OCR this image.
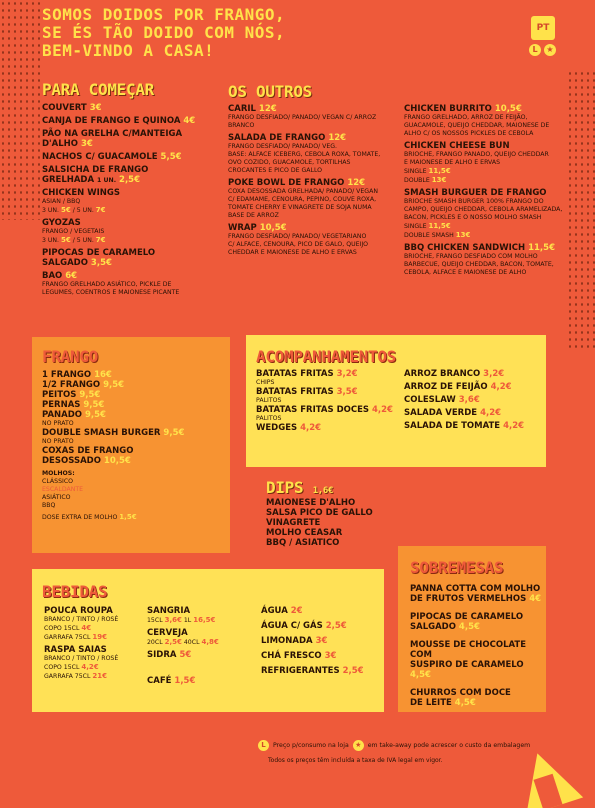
SOMOS DOIDOS POR FRANGO,
SE ÉS TÃO DOIDO COM NÓS,
BEM-VINDO A CASA!
PT
L	★
PARA COMEÇAR
COUVERT 3€
CANJA DE FRANGO E QUINOA 4€
PÃO NA GRELHA C/MANTEIGA
D'ALHO 3€
NACHOS C/ GUACAMOLE 5,5€
SALSICHA DE FRANGO
GRELHADA 1 UN. 2,5€
CHICKEN WINGS
ASIAN / BBQ
3 UN. 5€ / 5 UN. 7€
GYOZAS
FRANGO / VEGETAIS
3 UN. 5€ / 5 UN. 7€
PIPOCAS DE CARAMELO
SALGADO 3,5€
BAO 6€
FRANGO GRELHADO ASIÁTICO, PICKLE DE
LEGUMES, COENTROS E MAIONESE PICANTE
OS OUTROS
CARIL 12€
FRANGO DESFIADO/ PANADO/ VEGAN C/ ARROZ
BRANCO
SALADA DE FRANGO 12€
FRANGO DESFIADO/ PANADO/ VEG.
BASE: ALFACE ICEBERG, CEBOLA ROXA, TOMATE,
OVO COZIDO, GUACAMOLE, TORTILHAS
CROCANTES E PICO DE GALLO
POKE BOWL DE FRANGO 12€
COXA DESOSSADA GRELHADA/ PANADO/ VEGAN
C/ EDAMAME, CENOURA, PEPINO, COUVE ROXA,
TOMATE CHERRY E VINAGRETE DE SOJA NUMA
BASE DE ARROZ
WRAP 10,5€
FRANGO DESFIADO/ PANADO/ VEGETARIANO
C/ ALFACE, CENOURA, PICO DE GALO, QUEIJO
CHEDDAR E MAIONESE DE ALHO E ERVAS
CHICKEN BURRITO 10,5€
FRANGO GRELHADO, ARROZ DE FEIJÃO,
GUACAMOLE, QUEIJO CHEDDAR, MAIONESE DE
ALHO C/ OS NOSSOS PICKLES DE CEBOLA
CHICKEN CHEESE BUN
BRIOCHE, FRANGO PANADO, QUEIJO CHEDDAR
E MAIONESE DE ALHO E ERVAS
SINGLE 11,5€
DOUBLE 13€
SMASH BURGUER DE FRANGO
BRIOCHE SMASH BURGER 100% FRANGO DO
CAMPO, QUEIJO CHEDDAR, CEBOLA ARAMELIZADA,
BACON, PICKLES E O NOSSO MOLHO SMASH
SINGLE 11,5€
DOUBLE SMASH 13€
BBQ CHICKEN SANDWICH 11,5€
BRIOCHE, FRANGO DESFIADO COM MOLHO
BARBECUE, QUEIJO CHEDDAR, BACON, TOMATE,
CEBOLA, ALFACE E MAIONESE DE ALHO
FRANGO
1 FRANGO 16€
1/2 FRANGO 9,5€
PEITOS 9,5€
PERNAS 9,5€
PANADO 9,5€
NO PRATO
DOUBLE SMASH BURGER 9,5€
NO PRATO
COXAS DE FRANGO
DESOSSADO 10,5€
MOLHOS:
CLÁSSICO
ESCALDANTE
ASIÁTICO
BBQ
DOSE EXTRA DE MOLHO 1,5€
ACOMPANHAMENTOS
BATATAS FRITAS 3,2€
CHIPS
BATATAS FRITAS 3,5€
PALITOS
BATATAS FRITAS DOCES 4,2€
PALITOS
WEDGES 4,2€
ARROZ BRANCO 3,2€
ARROZ DE FEIJÃO 4,2€
COLESLAW 3,6€
SALADA VERDE 4,2€
SALADA DE TOMATE 4,2€
DIPS 1,6€
MAIONESE D'ALHO
SALSA PICO DE GALLO
VINAGRETE
MOLHO CEASAR
BBQ / ASIATICO
BEBIDAS
POUCA ROUPA
BRANCO / TINTO / ROSÉ
COPO 15CL 4€
GARRAFA 75CL 19€
RASPA SAIAS
BRANCO / TINTO / ROSÉ
COPO 15CL 4,2€
GARRAFA 75CL 21€
SANGRIA
15CL 3,6€ 1L 16,5€
CERVEJA
20CL 2,5€ 40CL 4,8€
SIDRA 5€
CAFÉ 1,5€
ÁGUA 2€
ÁGUA C/ GÁS 2,5€
LIMONADA 3€
CHÁ FRESCO 3€
REFRIGERANTES 2,5€
SOBREMESAS
PANNA COTTA COM MOLHO
DE FRUTOS VERMELHOS 4€
PIPOCAS DE CARAMELO
SALGADO 4,5€
MOUSSE DE CHOCOLATE COM
SUSPIRO DE CARAMELO 4,5€
CHURROS COM DOCE
DE LEITE 4,5€
L	Preço p/consumo na loja ★	em take-away pode acrescer o custo da embalagem
Todos os preços têm incluída a taxa de IVA legal em vigor.
